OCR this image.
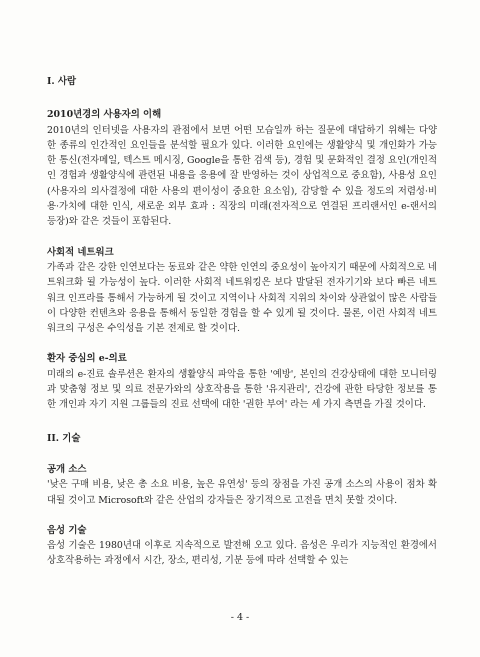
I. 사람

2010년경의 사용자의 이해

2010년의 인터넷을 사용자의 관점에서 보면 어떤 모습일까 하는 질문에 대답하기 위해는 다양한 종류의 인간적인 요인들을 분석할 필요가 있다. 이러한 요인에는 생활양식 및 개인화가 가능한 통신(전자메일, 텍스트 메시징, Google을 통한 검색 등), 경험 및 문화적인 결정 요인(개인적인 경험과 생활양식에 관련된 내용을 응용에 잘 반영하는 것이 상업적으로 중요함), 사용성 요인(사용자의 의사결정에 대한 사용의 편이성이 중요한 요소임), 감당할 수 있을 정도의 저렴성·비용·가치에 대한 인식, 새로운 외부 효과 : 직장의 미래(전자적으로 연결된 프리랜서인 e-랜서의 등장)와 같은 것들이 포함된다.

사회적 네트워크

가족과 같은 강한 인연보다는 동료와 같은 약한 인연의 중요성이 높아지기 때문에 사회적으로 네트워크화 될 가능성이 높다. 이러한 사회적 네트워킹은 보다 발달된 전자기기와 보다 빠른 네트워크 인프라를 통해서 가능하게 될 것이고 지역이나 사회적 지위의 차이와 상관없이 많은 사람들이 다양한 컨텐츠와 응용을 통해서 동일한 경험을 할 수 있게 될 것이다. 물론, 이런 사회적 네트워크의 구성은 수익성을 기본 전제로 할 것이다.

환자 중심의 e-의료

미래의 e-진료 솔루션은 환자의 생활양식 파악을 통한 '예방', 본인의 건강상태에 대한 모니터링과 맞춤형 정보 및 의료 전문가와의 상호작용을 통한 '유지관리', 건강에 관한 타당한 정보를 통한 개인과 자기 지원 그룹들의 진료 선택에 대한 '권한 부여' 라는 세 가지 측면을 가질 것이다.

II. 기술

공개 소스

'낮은 구매 비용, 낮은 총 소요 비용, 높은 유연성' 등의 장점을 가진 공개 소스의 사용이 점차 확대될 것이고 Microsoft와 같은 산업의 강자들은 장기적으로 고전을 면치 못할 것이다.

음성 기술

음성 기술은 1980년대 이후로 지속적으로 발전해 오고 있다. 음성은 우리가 지능적인 환경에서 상호작용하는 과정에서 시간, 장소, 편리성, 기분 등에 따라 선택할 수 있는

- 4 -
